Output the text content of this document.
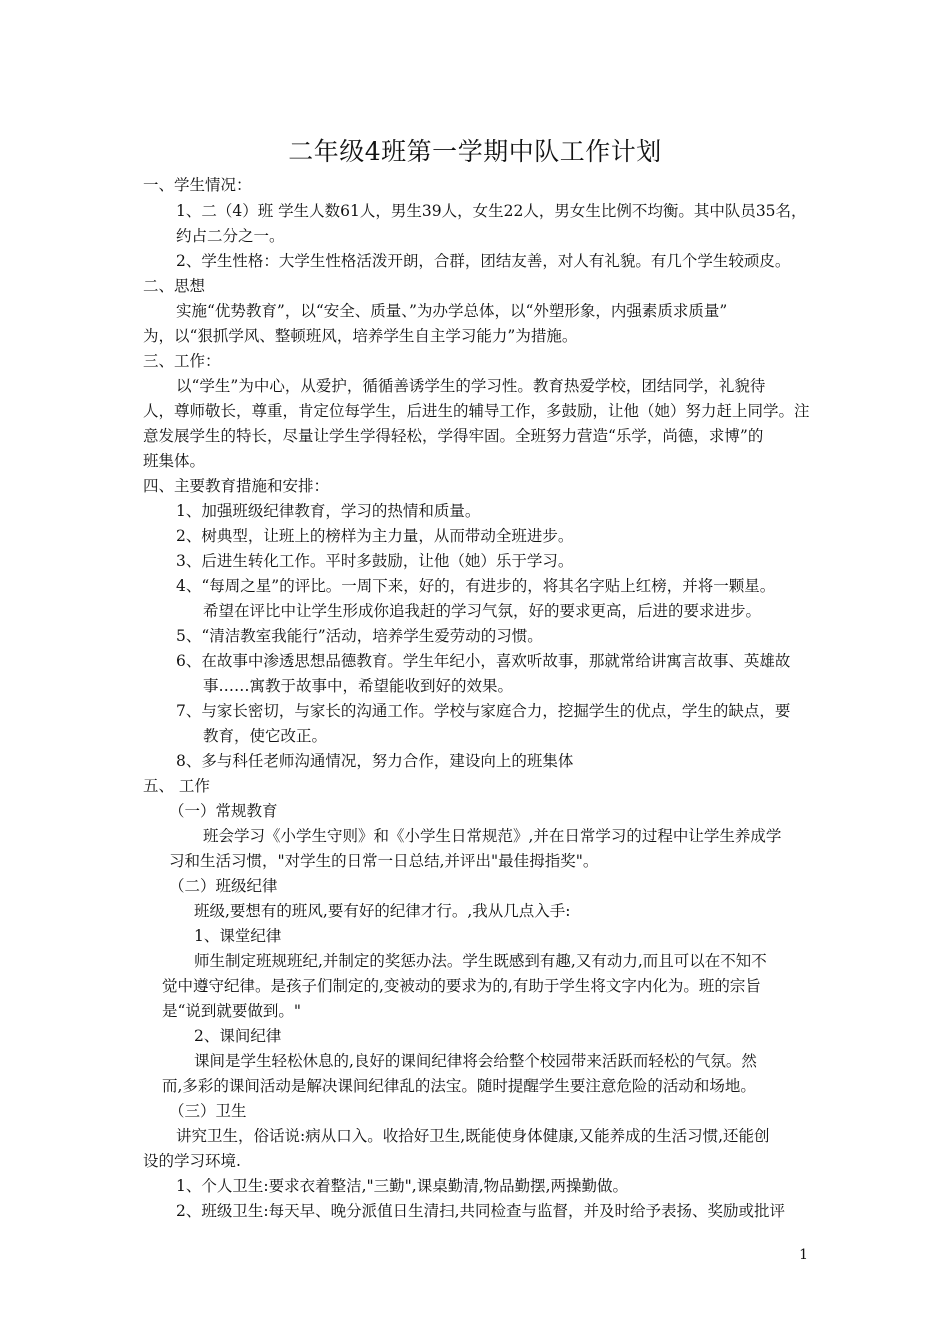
二年级4班第一学期中队工作计划
一、学生情况：
1、二（4）班 学生人数61人，男生39人，女生22人，男女生比例不均衡。其中队员35名，
约占二分之一。
2、学生性格：大学生性格活泼开朗，合群，团结友善，对人有礼貌。有几个学生较顽皮。
二、思想
实施“优势教育”，以“安全、质量、”为办学总体，以“外塑形象，内强素质求质量”
为，以“狠抓学风、整顿班风，培养学生自主学习能力”为措施。
三、工作：
以“学生”为中心，从爱护，循循善诱学生的学习性。教育热爱学校，团结同学，礼貌待
人，尊师敬长，尊重，肯定位每学生，后进生的辅导工作，多鼓励，让他（她）努力赶上同学。注
意发展学生的特长，尽量让学生学得轻松，学得牢固。全班努力营造“乐学，尚德，求博”的
班集体。
四、主要教育措施和安排：
1、加强班级纪律教育，学习的热情和质量。
2、树典型，让班上的榜样为主力量，从而带动全班进步。
3、后进生转化工作。平时多鼓励，让他（她）乐于学习。
4、“每周之星”的评比。一周下来，好的，有进步的，将其名字贴上红榜，并将一颗星。
希望在评比中让学生形成你追我赶的学习气氛，好的要求更高，后进的要求进步。
5、“清洁教室我能行”活动，培养学生爱劳动的习惯。
6、在故事中渗透思想品德教育。学生年纪小，喜欢听故事，那就常给讲寓言故事、英雄故
事……寓教于故事中，希望能收到好的效果。
7、与家长密切，与家长的沟通工作。学校与家庭合力，挖掘学生的优点，学生的缺点，要
教育，使它改正。
8、多与科任老师沟通情况，努力合作，建设向上的班集体
五、 工作
（一）常规教育
班会学习《小学生守则》和《小学生日常规范》,并在日常学习的过程中让学生养成学
习和生活习惯，"对学生的日常一日总结,并评出"最佳拇指奖"。
（二）班级纪律
班级,要想有的班风,要有好的纪律才行。,我从几点入手:
1、课堂纪律
师生制定班规班纪,并制定的奖惩办法。学生既感到有趣,又有动力,而且可以在不知不
觉中遵守纪律。是孩子们制定的,变被动的要求为的,有助于学生将文字内化为。班的宗旨
是“说到就要做到。"
2、课间纪律
课间是学生轻松休息的,良好的课间纪律将会给整个校园带来活跃而轻松的气氛。然
而,多彩的课间活动是解决课间纪律乱的法宝。随时提醒学生要注意危险的活动和场地。
（三）卫生
讲究卫生，俗话说:病从口入。收拾好卫生,既能使身体健康,又能养成的生活习惯,还能创
设的学习环境.
1、个人卫生:要求衣着整洁,"三勤",课桌勤清,物品勤摆,两操勤做。
2、班级卫生:每天早、晚分派值日生清扫,共同检查与监督，并及时给予表扬、奖励或批评
1
